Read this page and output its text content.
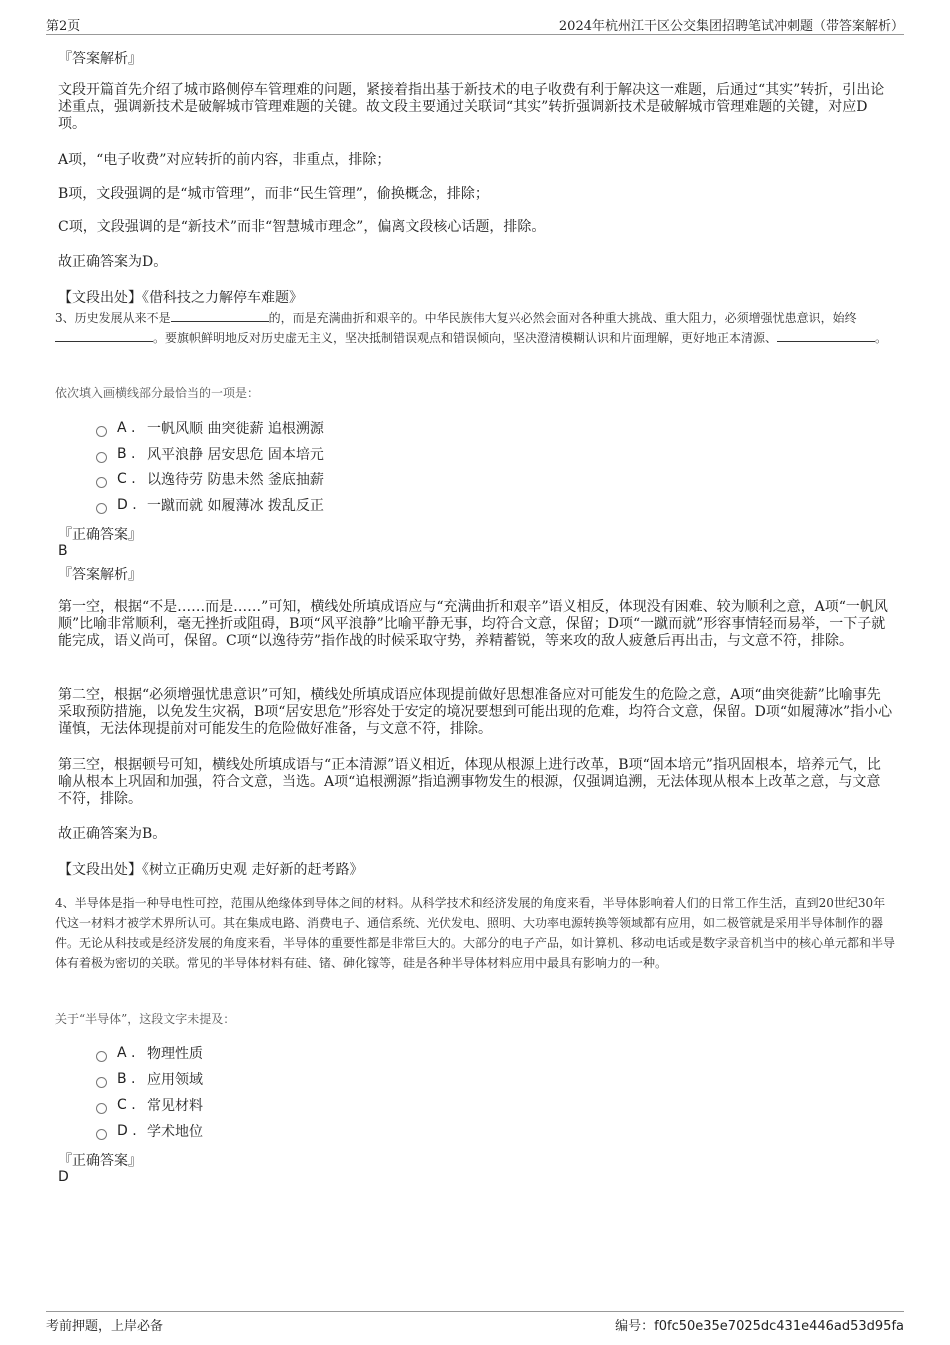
第2页	2024年杭州江干区公交集团招聘笔试冲刺题（带答案解析）
『答案解析』

文段开篇首先介绍了城市路侧停车管理难的问题，紧接着指出基于新技术的电子收费有利于解决这一难题，后通过“其实”转折，引出论述重点，强调新技术是破解城市管理难题的关键。故文段主要通过关联词“其实”转折强调新技术是破解城市管理难题的关键，对应D项。

A项，“电子收费”对应转折的前内容，非重点，排除；

B项，文段强调的是“城市管理”，而非“民生管理”，偷换概念，排除；

C项，文段强调的是“新技术”而非“智慧城市理念”，偏离文段核心话题，排除。

故正确答案为D。

【文段出处】《借科技之力解停车难题》

3、历史发展从来不是	的，而是充满曲折和艰辛的。中华民族伟大复兴必然会面对各种重大挑战、重大阻力，必须增强忧患意识，始终。要旗帜鲜明地反对历史虚无主义，坚决抵制错误观点和错误倾向，坚决澄清模糊认识和片面理解，更好地正本清源、	。

依次填入画横线部分最恰当的一项是：
A . 一帆风顺 曲突徙薪 追根溯源
B . 风平浪静 居安思危 固本培元
C . 以逸待劳 防患未然 釜底抽薪
D . 一蹴而就 如履薄冰 拨乱反正
『正确答案』
B
『答案解析』

第一空，根据“不是……而是……”可知，横线处所填成语应与“充满曲折和艰辛”语义相反，体现没有困难、较为顺利之意，A项“一帆风顺”比喻非常顺利，毫无挫折或阻碍，B项“风平浪静”比喻平静无事，均符合文意，保留；D项“一蹴而就”形容事情轻而易举，一下子就能完成，语义尚可，保留。C项“以逸待劳”指作战的时候采取守势，养精蓄锐，等来攻的敌人疲惫后再出击，与文意不符，排除。

第二空，根据“必须增强忧患意识”可知，横线处所填成语应体现提前做好思想准备应对可能发生的危险之意，A项“曲突徙薪”比喻事先采取预防措施，以免发生灾祸，B项“居安思危”形容处于安定的境况要想到可能出现的危难，均符合文意，保留。D项“如履薄冰”指小心谨慎，无法体现提前对可能发生的危险做好准备，与文意不符，排除。

第三空，根据顿号可知，横线处所填成语与“正本清源”语义相近，体现从根源上进行改革，B项“固本培元”指巩固根本，培养元气，比喻从根本上巩固和加强，符合文意，当选。A项“追根溯源”指追溯事物发生的根源，仅强调追溯，无法体现从根本上改革之意，与文意不符，排除。

故正确答案为B。

【文段出处】《树立正确历史观 走好新的赶考路》

4、半导体是指一种导电性可控，范围从绝缘体到导体之间的材料。从科学技术和经济发展的角度来看，半导体影响着人们的日常工作生活，直到20世纪30年代这一材料才被学术界所认可。其在集成电路、消费电子、通信系统、光伏发电、照明、大功率电源转换等领域都有应用，如二极管就是采用半导体制作的器件。无论从科技或是经济发展的角度来看，半导体的重要性都是非常巨大的。大部分的电子产品，如计算机、移动电话或是数字录音机当中的核心单元都和半导体有着极为密切的关联。常见的半导体材料有硅、锗、砷化镓等，硅是各种半导体材料应用中最具有影响力的一种。

关于“半导体”，这段文字未提及：
A . 物理性质
B . 应用领域
C . 常见材料
D . 学术地位
『正确答案』
D
考前押题，上岸必备	编号：f0fc50e35e7025dc431e446ad53d95fa
